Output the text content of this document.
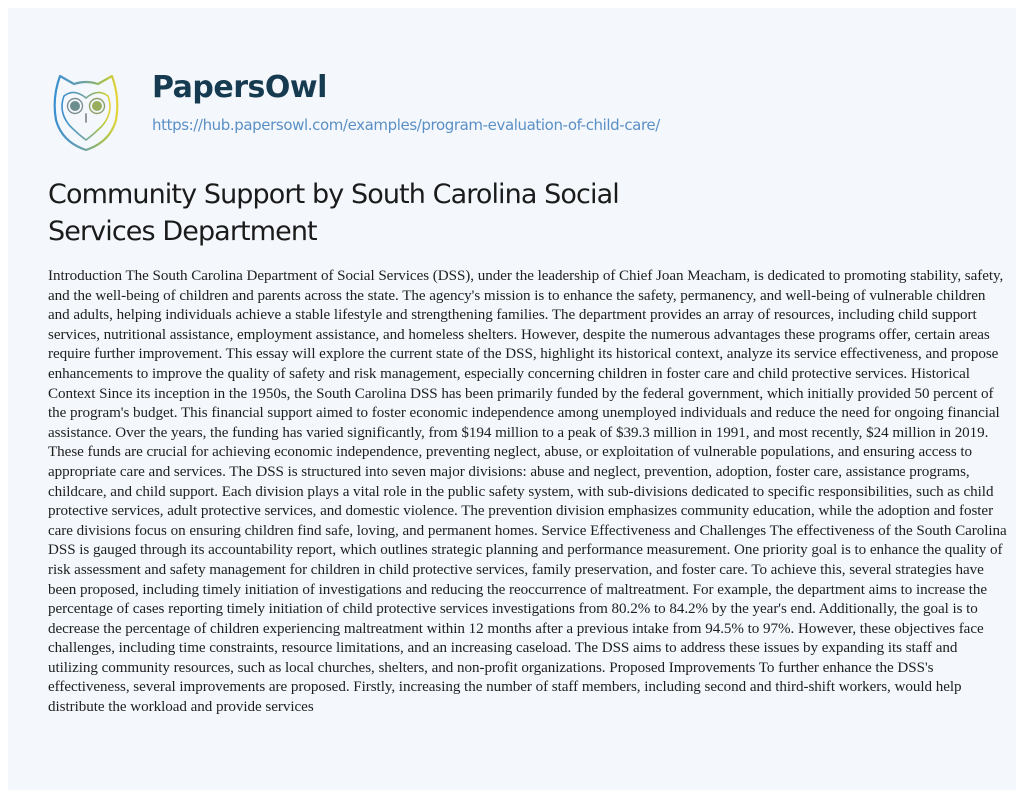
PapersOwl
https://hub.papersowl.com/examples/program-evaluation-of-child-care/
Community Support by South Carolina Social Services Department

Introduction The South Carolina Department of Social Services (DSS), under the leadership of Chief Joan Meacham, is dedicated to promoting stability, safety, and the well-being of children and parents across the state. The agency's mission is to enhance the safety, permanency, and well-being of vulnerable children and adults, helping individuals achieve a stable lifestyle and strengthening families. The department provides an array of resources, including child support services, nutritional assistance, employment assistance, and homeless shelters. However, despite the numerous advantages these programs offer, certain areas require further improvement. This essay will explore the current state of the DSS, highlight its historical context, analyze its service effectiveness, and propose enhancements to improve the quality of safety and risk management, especially concerning children in foster care and child protective services. Historical Context Since its inception in the 1950s, the South Carolina DSS has been primarily funded by the federal government, which initially provided 50 percent of the program's budget. This financial support aimed to foster economic independence among unemployed individuals and reduce the need for ongoing financial assistance. Over the years, the funding has varied significantly, from $194 million to a peak of $39.3 million in 1991, and most recently, $24 million in 2019. These funds are crucial for achieving economic independence, preventing neglect, abuse, or exploitation of vulnerable populations, and ensuring access to appropriate care and services. The DSS is structured into seven major divisions: abuse and neglect, prevention, adoption, foster care, assistance programs, childcare, and child support. Each division plays a vital role in the public safety system, with sub-divisions dedicated to specific responsibilities, such as child protective services, adult protective services, and domestic violence. The prevention division emphasizes community education, while the adoption and foster care divisions focus on ensuring children find safe, loving, and permanent homes. Service Effectiveness and Challenges The effectiveness of the South Carolina DSS is gauged through its accountability report, which outlines strategic planning and performance measurement. One priority goal is to enhance the quality of risk assessment and safety management for children in child protective services, family preservation, and foster care. To achieve this, several strategies have been proposed, including timely initiation of investigations and reducing the reoccurrence of maltreatment. For example, the department aims to increase the percentage of cases reporting timely initiation of child protective services investigations from 80.2% to 84.2% by the year's end. Additionally, the goal is to decrease the percentage of children experiencing maltreatment within 12 months after a previous intake from 94.5% to 97%. However, these objectives face challenges, including time constraints, resource limitations, and an increasing caseload. The DSS aims to address these issues by expanding its staff and utilizing community resources, such as local churches, shelters, and non-profit organizations. Proposed Improvements To further enhance the DSS's effectiveness, several improvements are proposed. Firstly, increasing the number of staff members, including second and third-shift workers, would help distribute the workload and provide services
